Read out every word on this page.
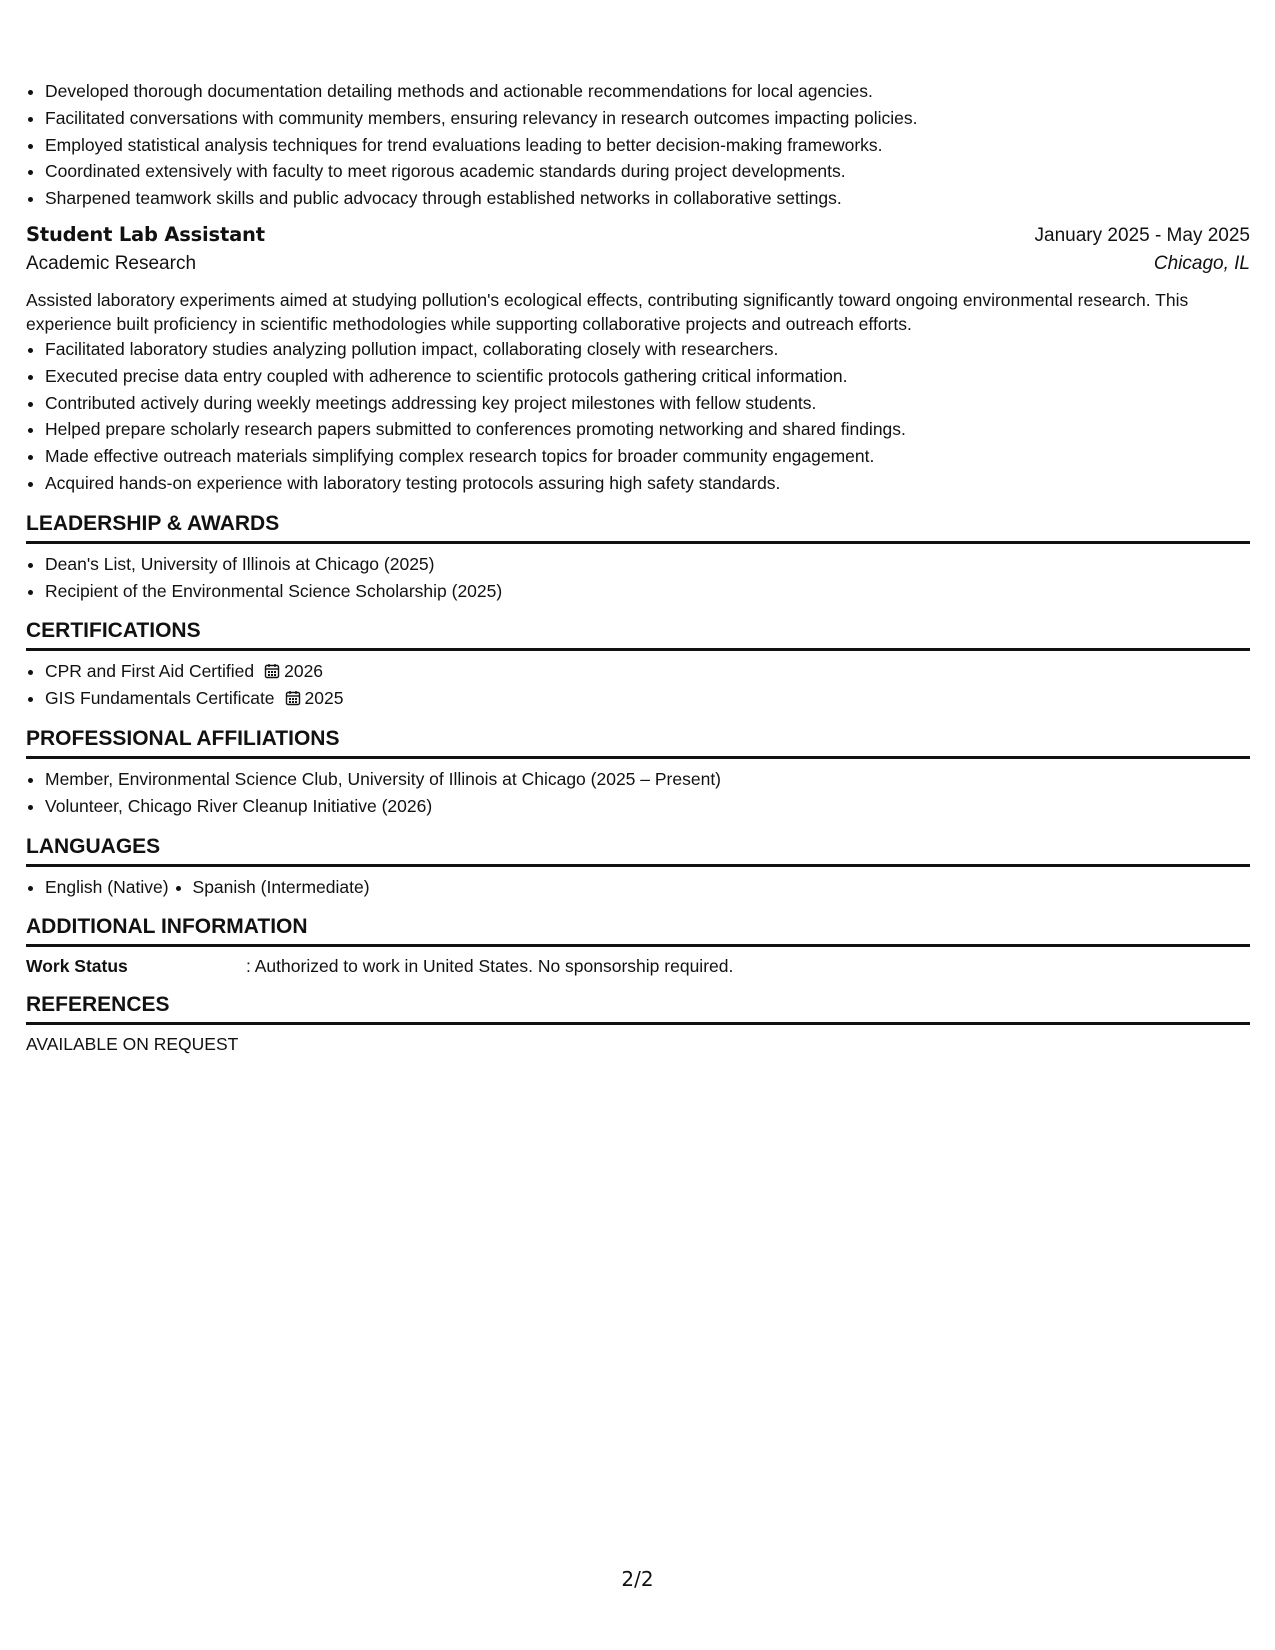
• Developed thorough documentation detailing methods and actionable recommendations for local agencies.
• Facilitated conversations with community members, ensuring relevancy in research outcomes impacting policies.
• Employed statistical analysis techniques for trend evaluations leading to better decision-making frameworks.
• Coordinated extensively with faculty to meet rigorous academic standards during project developments.
• Sharpened teamwork skills and public advocacy through established networks in collaborative settings.
Student Lab Assistant	January 2025 - May 2025
Academic Research	Chicago, IL

Assisted laboratory experiments aimed at studying pollution's ecological effects, contributing significantly toward ongoing environmental research. This experience built proficiency in scientific methodologies while supporting collaborative projects and outreach efforts.

• Facilitated laboratory studies analyzing pollution impact, collaborating closely with researchers.
• Executed precise data entry coupled with adherence to scientific protocols gathering critical information.
• Contributed actively during weekly meetings addressing key project milestones with fellow students.
• Helped prepare scholarly research papers submitted to conferences promoting networking and shared findings.
• Made effective outreach materials simplifying complex research topics for broader community engagement.
• Acquired hands-on experience with laboratory testing protocols assuring high safety standards.
LEADERSHIP & AWARDS
• Dean's List, University of Illinois at Chicago (2025)
• Recipient of the Environmental Science Scholarship (2025)
CERTIFICATIONS
• CPR and First Aid Certified 2026
• GIS Fundamentals Certificate 2025
PROFESSIONAL AFFILIATIONS
• Member, Environmental Science Club, University of Illinois at Chicago (2025 – Present)
• Volunteer, Chicago River Cleanup Initiative (2026)
LANGUAGES
• English (Native)
• Spanish (Intermediate)
ADDITIONAL INFORMATION
Work Status	: Authorized to work in United States. No sponsorship required.
REFERENCES
AVAILABLE ON REQUEST
2/2
